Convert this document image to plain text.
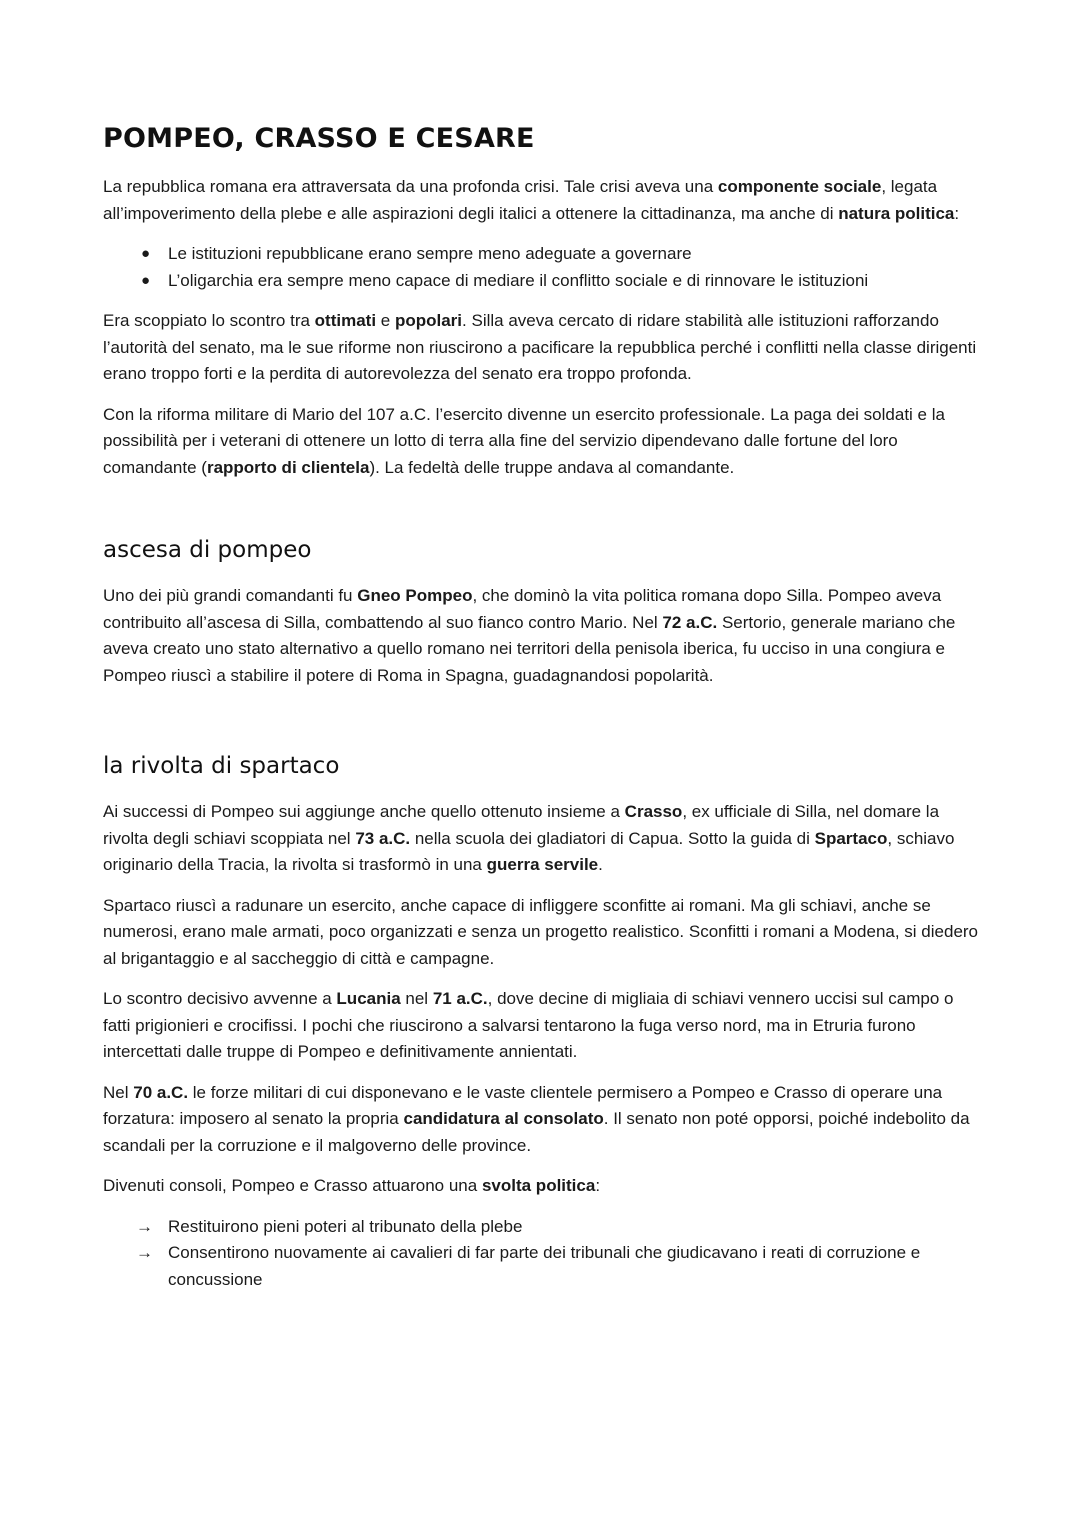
POMPEO, CRASSO E CESARE

La repubblica romana era attraversata da una profonda crisi. Tale crisi aveva una componente sociale, legata all’impoverimento della plebe e alle aspirazioni degli italici a ottenere la cittadinanza, ma anche di natura politica:

● Le istituzioni repubblicane erano sempre meno adeguate a governare
● L’oligarchia era sempre meno capace di mediare il conflitto sociale e di rinnovare le istituzioni

Era scoppiato lo scontro tra ottimati e popolari. Silla aveva cercato di ridare stabilità alle istituzioni rafforzando l’autorità del senato, ma le sue riforme non riuscirono a pacificare la repubblica perché i conflitti nella classe dirigenti erano troppo forti e la perdita di autorevolezza del senato era troppo profonda.

Con la riforma militare di Mario del 107 a.C. l’esercito divenne un esercito professionale. La paga dei soldati e la possibilità per i veterani di ottenere un lotto di terra alla fine del servizio dipendevano dalle fortune del loro comandante (rapporto di clientela). La fedeltà delle truppe andava al comandante.

ascesa di pompeo

Uno dei più grandi comandanti fu Gneo Pompeo, che dominò la vita politica romana dopo Silla. Pompeo aveva contribuito all’ascesa di Silla, combattendo al suo fianco contro Mario. Nel 72 a.C. Sertorio, generale mariano che aveva creato uno stato alternativo a quello romano nei territori della penisola iberica, fu ucciso in una congiura e Pompeo riuscì a stabilire il potere di Roma in Spagna, guadagnandosi popolarità.

la rivolta di spartaco

Ai successi di Pompeo sui aggiunge anche quello ottenuto insieme a Crasso, ex ufficiale di Silla, nel domare la rivolta degli schiavi scoppiata nel 73 a.C. nella scuola dei gladiatori di Capua. Sotto la guida di Spartaco, schiavo originario della Tracia, la rivolta si trasformò in una guerra servile.

Spartaco riuscì a radunare un esercito, anche capace di infliggere sconfitte ai romani. Ma gli schiavi, anche se numerosi, erano male armati, poco organizzati e senza un progetto realistico. Sconfitti i romani a Modena, si diedero al brigantaggio e al saccheggio di città e campagne.

Lo scontro decisivo avvenne a Lucania nel 71 a.C., dove decine di migliaia di schiavi vennero uccisi sul campo o fatti prigionieri e crocifissi. I pochi che riuscirono a salvarsi tentarono la fuga verso nord, ma in Etruria furono intercettati dalle truppe di Pompeo e definitivamente annientati.

Nel 70 a.C. le forze militari di cui disponevano e le vaste clientele permisero a Pompeo e Crasso di operare una forzatura: imposero al senato la propria candidatura al consolato. Il senato non poté opporsi, poiché indebolito da scandali per la corruzione e il malgoverno delle province.

Divenuti consoli, Pompeo e Crasso attuarono una svolta politica:

→ Restituirono pieni poteri al tribunato della plebe
→ Consentirono nuovamente ai cavalieri di far parte dei tribunali che giudicavano i reati di corruzione e concussione
